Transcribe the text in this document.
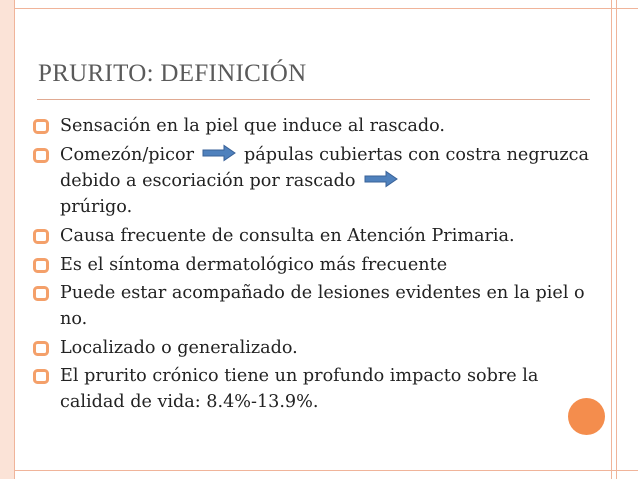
PRURITO: DEFINICIÓN
Sensación en la piel que induce al rascado.
Comezón/picor	pápulas cubiertas con costra negruzca debido a escoriación por rascado
prúrigo.
Causa frecuente de consulta en Atención Primaria.
Es el síntoma dermatológico más frecuente
Puede estar acompañado de lesiones evidentes en la piel o no.
Localizado o generalizado.
El prurito crónico tiene un profundo impacto sobre la calidad de vida: 8.4%-13.9%.
